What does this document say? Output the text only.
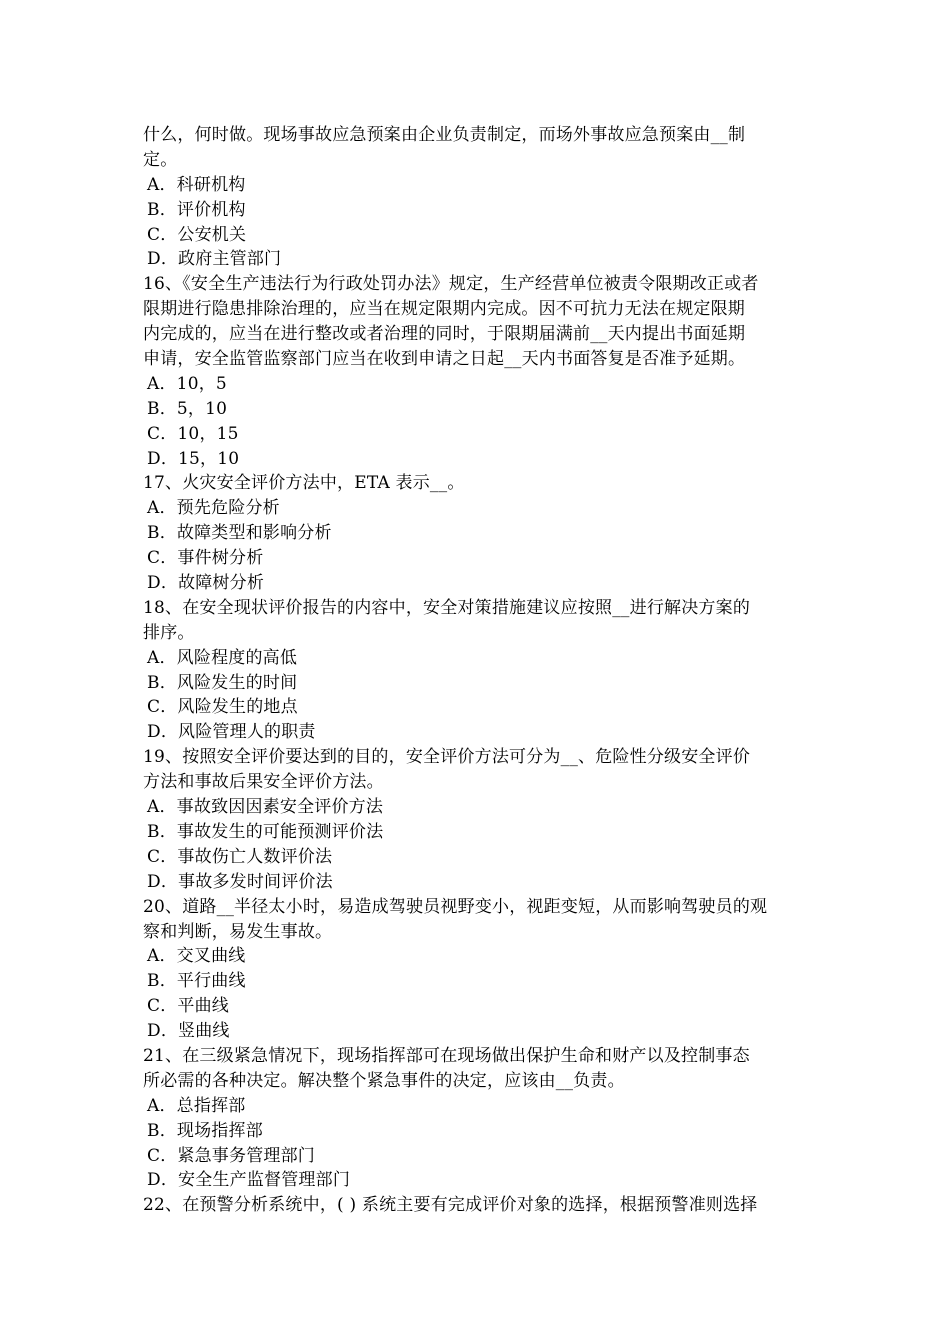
什么，何时做。现场事故应急预案由企业负责制定，而场外事故应急预案由__制
定。
A．科研机构
B．评价机构
C．公安机关
D．政府主管部门
16、《安全生产违法行为行政处罚办法》规定，生产经营单位被责令限期改正或者
限期进行隐患排除治理的，应当在规定限期内完成。因不可抗力无法在规定限期
内完成的，应当在进行整改或者治理的同时，于限期届满前__天内提出书面延期
申请，安全监管监察部门应当在收到申请之日起__天内书面答复是否准予延期。
A．10，5
B．5，10
C．10，15
D．15，10
17、火灾安全评价方法中，ETA 表示__。
A．预先危险分析
B．故障类型和影响分析
C．事件树分析
D．故障树分析
18、在安全现状评价报告的内容中，安全对策措施建议应按照__进行解决方案的
排序。
A．风险程度的高低
B．风险发生的时间
C．风险发生的地点
D．风险管理人的职责
19、按照安全评价要达到的目的，安全评价方法可分为__、危险性分级安全评价
方法和事故后果安全评价方法。
A．事故致因因素安全评价方法
B．事故发生的可能预测评价法
C．事故伤亡人数评价法
D．事故多发时间评价法
20、道路__半径太小时，易造成驾驶员视野变小，视距变短，从而影响驾驶员的观
察和判断，易发生事故。
A．交叉曲线
B．平行曲线
C．平曲线
D．竖曲线
21、在三级紧急情况下，现场指挥部可在现场做出保护生命和财产以及控制事态
所必需的各种决定。解决整个紧急事件的决定，应该由__负责。
A．总指挥部
B．现场指挥部
C．紧急事务管理部门
D．安全生产监督管理部门
22、在预警分析系统中，( ) 系统主要有完成评价对象的选择，根据预警准则选择
